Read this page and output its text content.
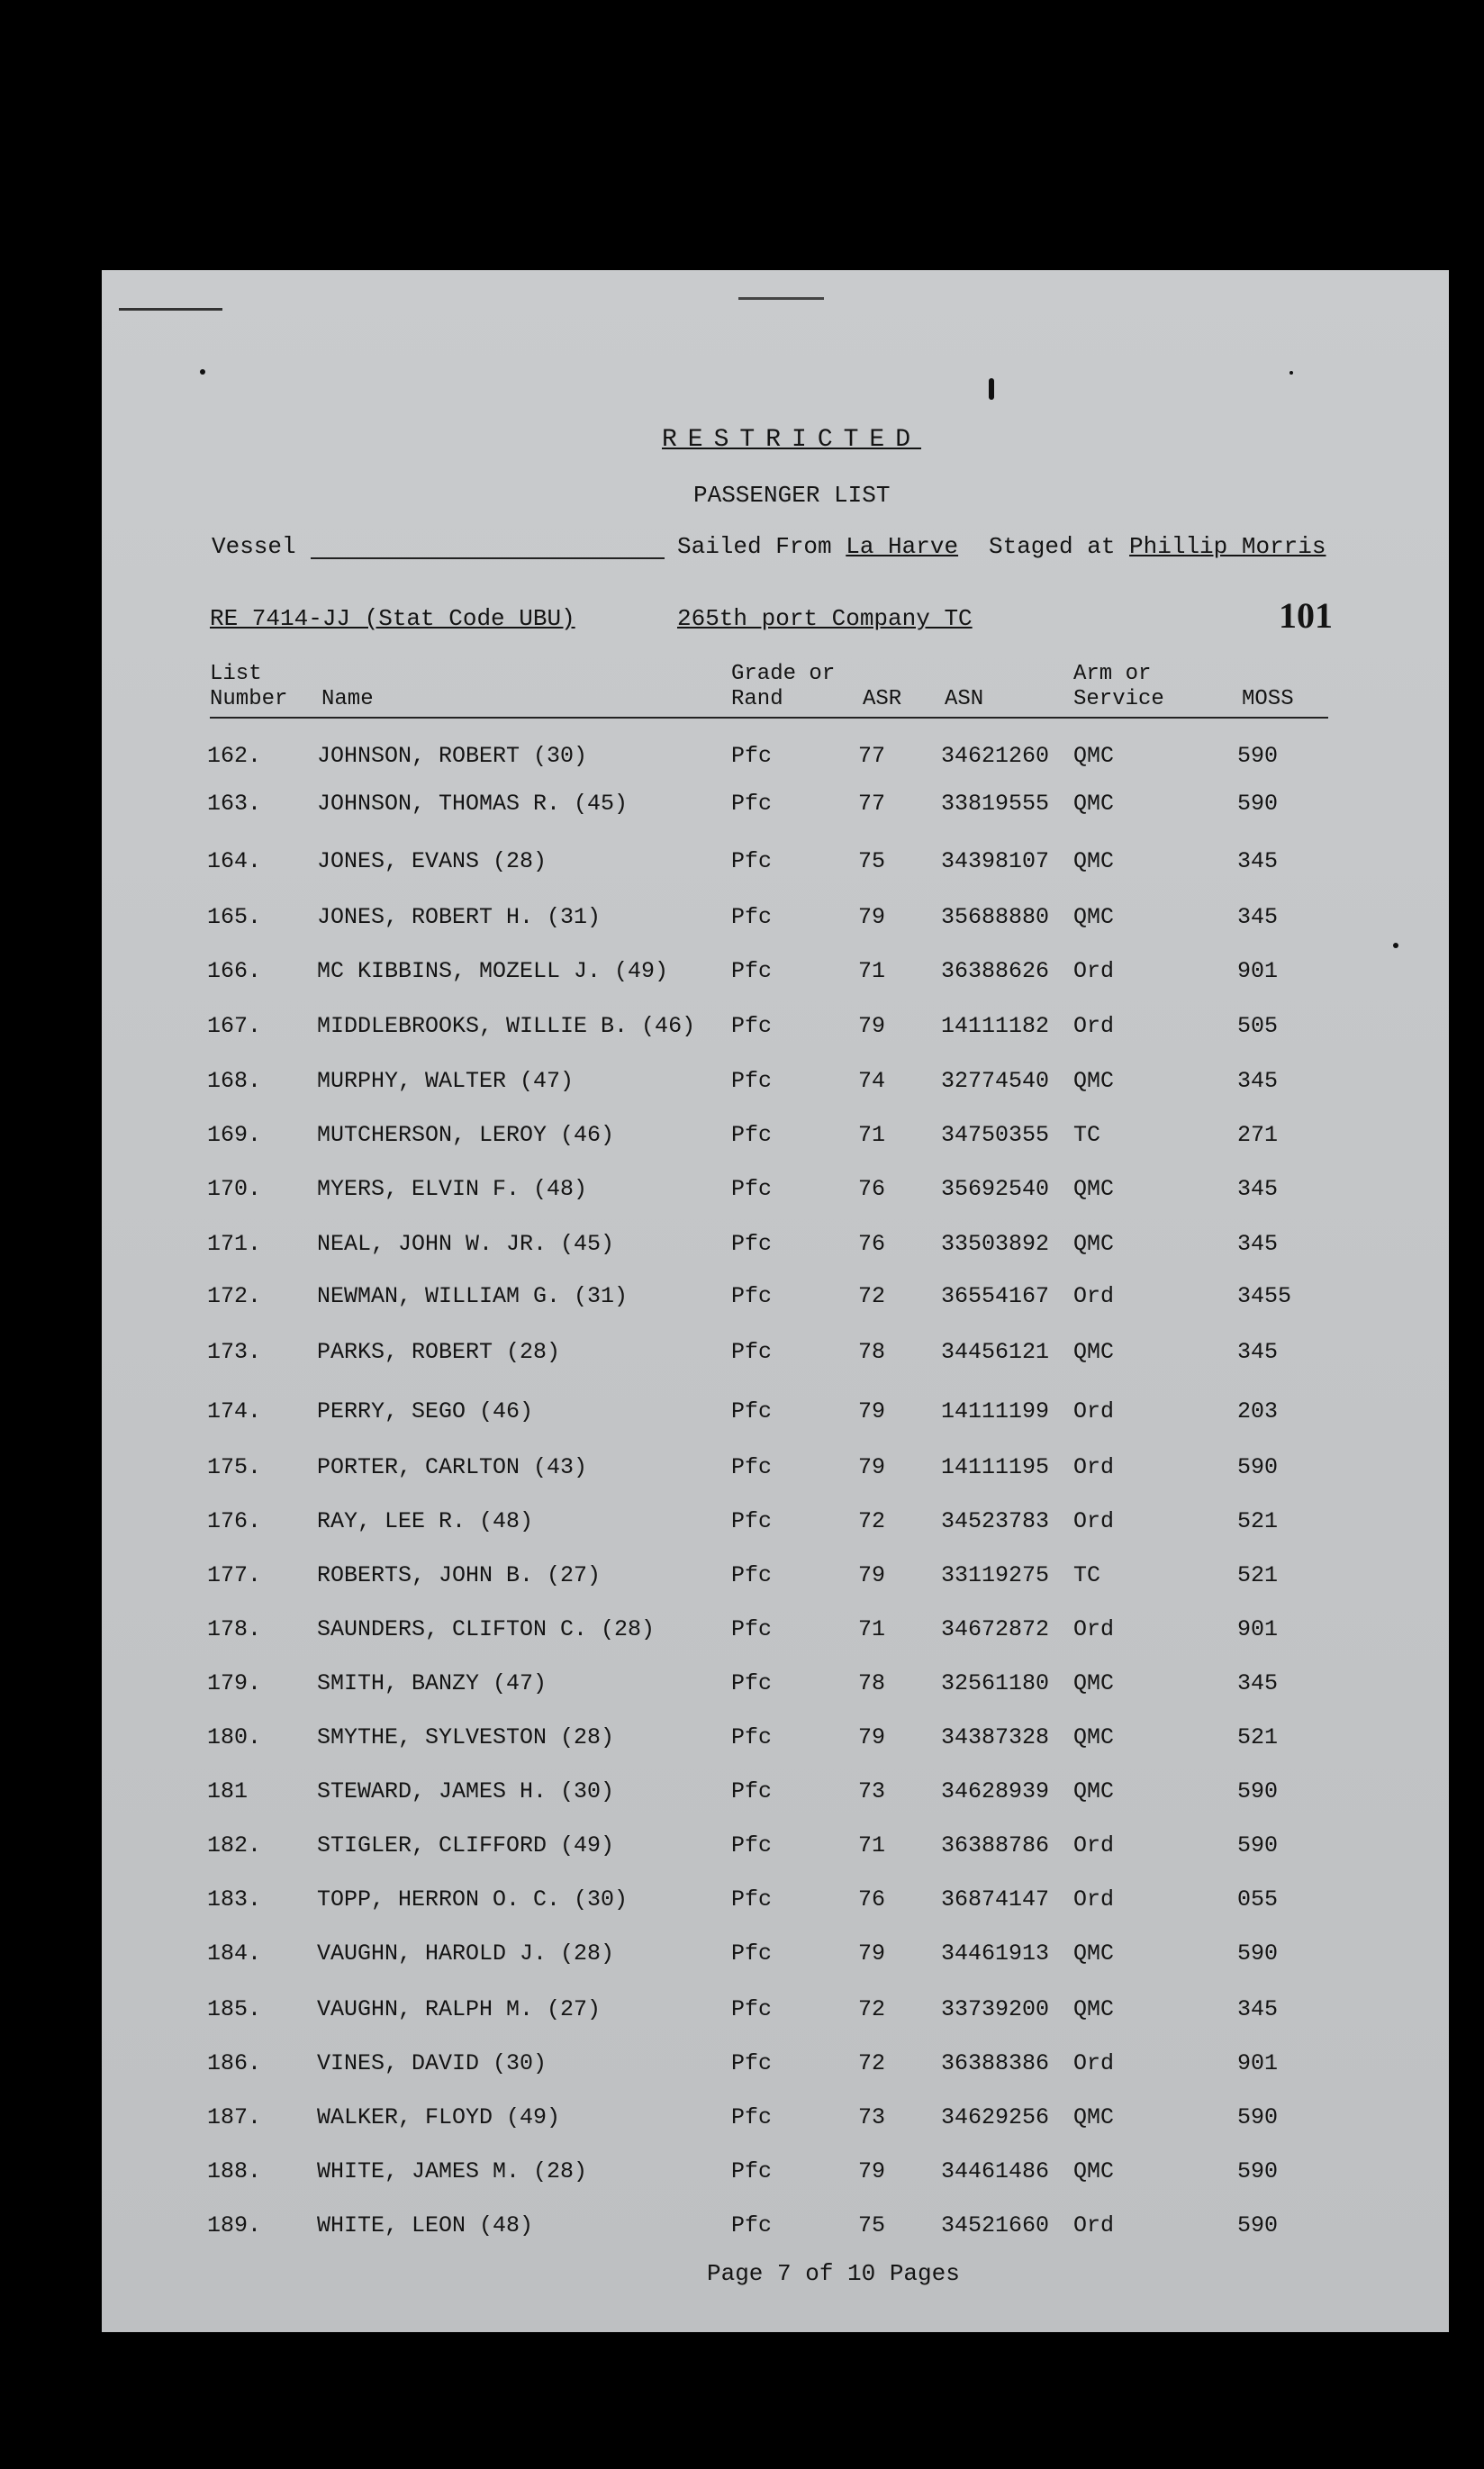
RESTRICTED
PASSENGER LIST
Vessel	Sailed From La Harve Staged at Phillip Morris
RE 7414-JJ (Stat Code UBU)	265th port Company TC	101
List
Number Name
Grade or
Rand	ASR ASN
Arm or
Service	MOSS
162. JOHNSON, ROBERT (30)	Pfc	77 34621260 QMC	590
163. JOHNSON, THOMAS R. (45)	Pfc	77 33819555 QMC	590
164. JONES, EVANS (28)	Pfc	75 34398107 QMC	345
165. JONES, ROBERT H. (31)	Pfc	79 35688880 QMC	345
166. MC KIBBINS, MOZELL J. (49)	Pfc	71 36388626 Ord	901
167. MIDDLEBROOKS, WILLIE B. (46) Pfc	79 14111182 Ord	505
168. MURPHY, WALTER (47)	Pfc	74 32774540 QMC	345
169. MUTCHERSON, LEROY (46)	Pfc	71 34750355 TC	271
170. MYERS, ELVIN F. (48)	Pfc	76 35692540 QMC	345
171. NEAL, JOHN W. JR. (45)	Pfc	76 33503892 QMC	345
172. NEWMAN, WILLIAM G. (31)	Pfc	72 36554167 Ord	3455
173. PARKS, ROBERT (28)	Pfc	78 34456121 QMC	345
174. PERRY, SEGO (46)	Pfc	79 14111199 Ord	203
175. PORTER, CARLTON (43)	Pfc	79 14111195 Ord	590
176. RAY, LEE R. (48)	Pfc	72 34523783 Ord	521
177. ROBERTS, JOHN B. (27)	Pfc	79 33119275 TC	521
178. SAUNDERS, CLIFTON C. (28)	Pfc	71 34672872 Ord	901
179. SMITH, BANZY (47)	Pfc	78 32561180 QMC	345
180. SMYTHE, SYLVESTON (28)	Pfc	79 34387328 QMC	521
181	STEWARD, JAMES H. (30)	Pfc	73 34628939 QMC	590
182. STIGLER, CLIFFORD (49)	Pfc	71 36388786 Ord	590
183. TOPP, HERRON O. C. (30)	Pfc	76 36874147 Ord	055
184. VAUGHN, HAROLD J. (28)	Pfc	79 34461913 QMC	590
185. VAUGHN, RALPH M. (27)	Pfc	72 33739200 QMC	345
186. VINES, DAVID (30)	Pfc	72 36388386 Ord	901
187. WALKER, FLOYD (49)	Pfc	73 34629256 QMC	590
188. WHITE, JAMES M. (28)	Pfc	79 34461486 QMC	590
189. WHITE, LEON (48)	Pfc	75 34521660 Ord	590
Page 7 of 10 Pages
